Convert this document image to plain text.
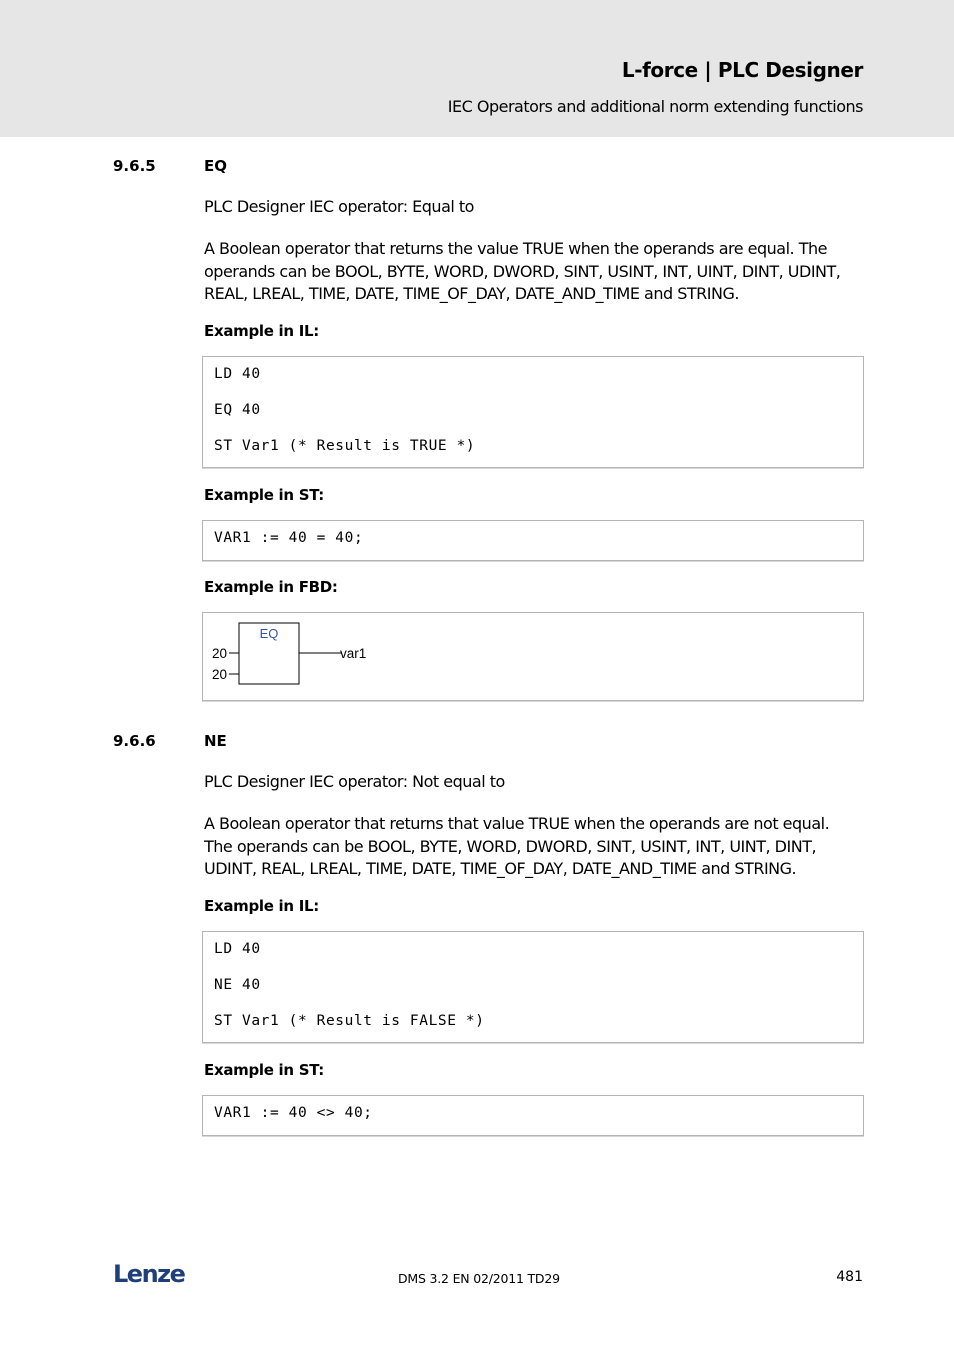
L-force | PLC Designer
IEC Operators and additional norm extending functions
9.6.5	EQ
PLC Designer IEC operator: Equal to
A Boolean operator that returns the value TRUE when the operands are equal. The
operands can be BOOL, BYTE, WORD, DWORD, SINT, USINT, INT, UINT, DINT, UDINT,
REAL, LREAL, TIME, DATE, TIME_OF_DAY, DATE_AND_TIME and STRING.
Example in IL:
LD 40
EQ 40
ST Var1 (* Result is TRUE *)
Example in ST:
VAR1 := 40 = 40;
Example in FBD:
EQ
20
20
var1
9.6.6	NE
PLC Designer IEC operator: Not equal to
A Boolean operator that returns that value TRUE when the operands are not equal.
The operands can be BOOL, BYTE, WORD, DWORD, SINT, USINT, INT, UINT, DINT,
UDINT, REAL, LREAL, TIME, DATE, TIME_OF_DAY, DATE_AND_TIME and STRING.
Example in IL:
LD 40
NE 40
ST Var1 (* Result is FALSE *)
Example in ST:
VAR1 := 40 <> 40;
Lenze	DMS 3.2 EN 02/2011 TD29	481
